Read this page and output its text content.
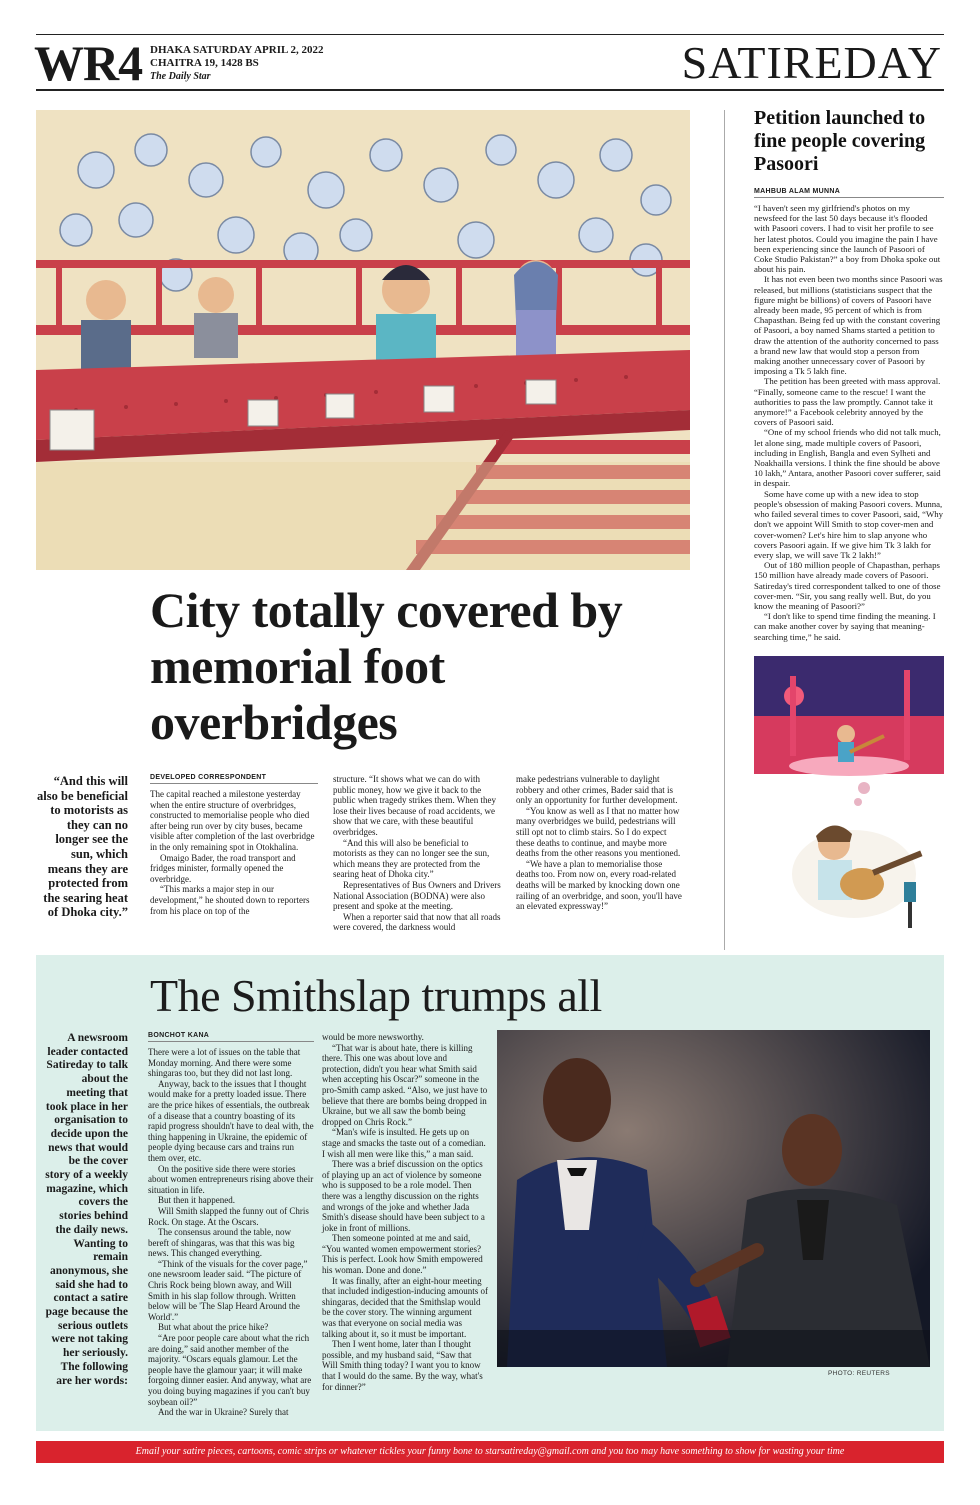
WR4 DHAKA SATURDAY APRIL 2, 2022
CHAITRA 19, 1428 BS
The Daily Star	SATIREDAY
City totally covered by memorial foot overbridges
“And this will also be beneficial to motorists as they can no longer see the sun, which means they are protected from the searing heat of Dhoka city.”
DEVELOPED CORRESPONDENT

The capital reached a milestone yesterday when the entire structure of overbridges, constructed to memorialise people who died after being run over by city buses, became visible after completion of the last overbridge in the only remaining spot in Otokhalina.

Omaigo Bader, the road transport and fridges minister, formally opened the overbridge.

“This marks a major step in our development,” he shouted down to reporters from his place on top of the

structure. “It shows what we can do with public money, how we give it back to the public when tragedy strikes them. When they lose their lives because of road accidents, we show that we care, with these beautiful overbridges.

“And this will also be beneficial to motorists as they can no longer see the sun, which means they are protected from the searing heat of Dhoka city.”

Representatives of Bus Owners and Drivers National Association (BODNA) were also present and spoke at the meeting.

When a reporter said that now that all roads were covered, the darkness would

make pedestrians vulnerable to daylight robbery and other crimes, Bader said that is only an opportunity for further development.

“You know as well as I that no matter how many overbridges we build, pedestrians will still opt not to climb stairs. So I do expect these deaths to continue, and maybe more deaths from the other reasons you mentioned.

“We have a plan to memorialise those deaths too. From now on, every road-related deaths will be marked by knocking down one railing of an overbridge, and soon, you'll have an elevated expressway!”

Petition launched to fine people covering Pasoori
MAHBUB ALAM MUNNA

“I haven't seen my girlfriend's photos on my newsfeed for the last 50 days because it's flooded with Pasoori covers. I had to visit her profile to see her latest photos. Could you imagine the pain I have been experiencing since the launch of Pasoori of Coke Studio Pakistan?” a boy from Dhoka spoke out about his pain.

It has not even been two months since Pasoori was released, but millions (statisticians suspect that the figure might be billions) of covers of Pasoori have already been made, 95 percent of which is from Chapasthan. Being fed up with the constant covering of Pasoori, a boy named Shams started a petition to draw the attention of the authority concerned to pass a brand new law that would stop a person from making another unnecessary cover of Pasoori by imposing a Tk 5 lakh fine.

The petition has been greeted with mass approval. “Finally, someone came to the rescue! I want the authorities to pass the law promptly. Cannot take it anymore!” a Facebook celebrity annoyed by the covers of Pasoori said.

“One of my school friends who did not talk much, let alone sing, made multiple covers of Pasoori, including in English, Bangla and even Sylheti and Noakhailla versions. I think the fine should be above 10 lakh,” Antara, another Pasoori cover sufferer, said in despair.

Some have come up with a new idea to stop people's obsession of making Pasoori covers. Munna, who failed several times to cover Pasoori, said, “Why don't we appoint Will Smith to stop cover-men and cover-women? Let's hire him to slap anyone who covers Pasoori again. If we give him Tk 3 lakh for every slap, we will save Tk 2 lakh!”

Out of 180 million people of Chapasthan, perhaps 150 million have already made covers of Pasoori. Satireday's tired correspondent talked to one of those cover-men. “Sir, you sang really well. But, do you know the meaning of Pasoori?”

“I don't like to spend time finding the meaning. I can make another cover by saying that meaning-searching time,” he said.

The Smithslap trumps all
A newsroom leader contacted Satireday to talk about the meeting that took place in her organisation to decide upon the news that would be the cover story of a weekly magazine, which covers the stories behind the daily news. Wanting to remain anonymous, she said she had to contact a satire page because the serious outlets were not taking her seriously. The following are her words:
BONCHOT KANA

There were a lot of issues on the table that Monday morning. And there were some shingaras too, but they did not last long.

Anyway, back to the issues that I thought would make for a pretty loaded issue. There are the price hikes of essentials, the outbreak of a disease that a country boasting of its rapid progress shouldn't have to deal with, the thing happening in Ukraine, the epidemic of people dying because cars and trains run them over, etc.

On the positive side there were stories about women entrepreneurs rising above their situation in life.

But then it happened.

Will Smith slapped the funny out of Chris Rock. On stage. At the Oscars.

The consensus around the table, now bereft of shingaras, was that this was big news. This changed everything.

“Think of the visuals for the cover page,” one newsroom leader said. “The picture of Chris Rock being blown away, and Will Smith in his slap follow through. Written below will be 'The Slap Heard Around the World'.”

But what about the price hike?

“Are poor people care about what the rich are doing,” said another member of the majority. “Oscars equals glamour. Let the people have the glamour yaar; it will make forgoing dinner easier. And anyway, what are you doing buying magazines if you can't buy soybean oil?”

And the war in Ukraine? Surely that

would be more newsworthy.

“That war is about hate, there is killing there. This one was about love and protection, didn't you hear what Smith said when accepting his Oscar?” someone in the pro-Smith camp asked. “Also, we just have to believe that there are bombs being dropped in Ukraine, but we all saw the bomb being dropped on Chris Rock.”

“Man's wife is insulted. He gets up on stage and smacks the taste out of a comedian. I wish all men were like this,” a man said.

There was a brief discussion on the optics of playing up an act of violence by someone who is supposed to be a role model. Then there was a lengthy discussion on the rights and wrongs of the joke and whether Jada Smith's disease should have been subject to a joke in front of millions.

Then someone pointed at me and said, “You wanted women empowerment stories? This is perfect. Look how Smith empowered his woman. Done and done.”

It was finally, after an eight-hour meeting that included indigestion-inducing amounts of shingaras, decided that the Smithslap would be the cover story. The winning argument was that everyone on social media was talking about it, so it must be important.

Then I went home, later than I thought possible, and my husband said, “Saw that Will Smith thing today? I want you to know that I would do the same. By the way, what's for dinner?”

PHOTO: REUTERS
Email your satire pieces, cartoons, comic strips or whatever tickles your funny bone to starsatireday@gmail.com and you too may have something to show for wasting your time
